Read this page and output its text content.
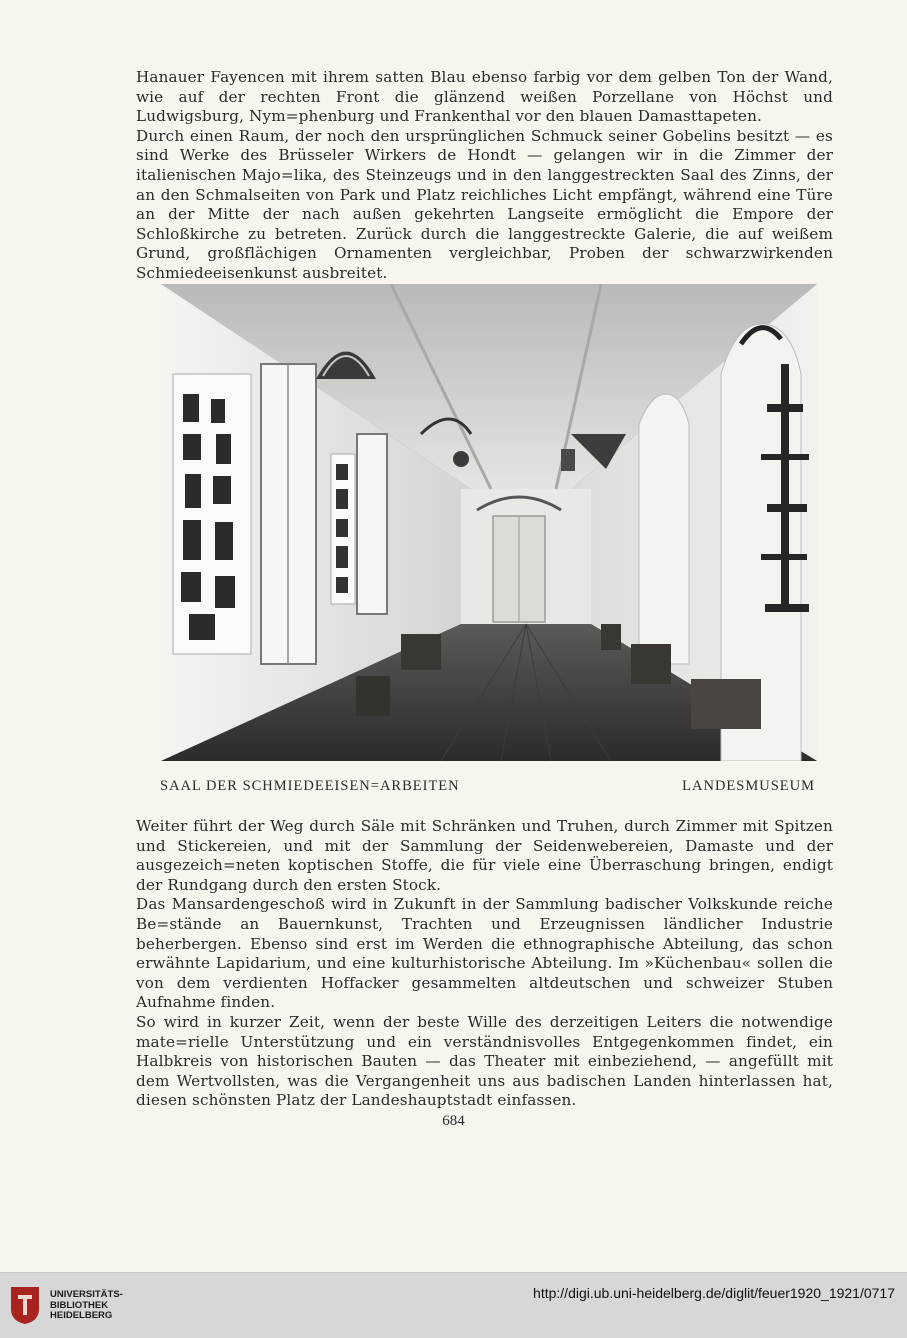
Hanauer Fayencen mit ihrem satten Blau ebenso farbig vor dem gelben Ton der Wand, wie auf der rechten Front die glänzend weißen Porzellane von Höchst und Ludwigsburg, Nym=phenburg und Frankenthal vor den blauen Damasttapeten.

Durch einen Raum, der noch den ursprünglichen Schmuck seiner Gobelins besitzt — es sind Werke des Brüsseler Wirkers de Hondt — gelangen wir in die Zimmer der italienischen Majo=lika, des Steinzeugs und in den langgestreckten Saal des Zinns, der an den Schmalseiten von Park und Platz reichliches Licht empfängt, während eine Türe an der Mitte der nach außen gekehrten Langseite ermöglicht die Empore der Schloßkirche zu betreten. Zurück durch die langgestreckte Galerie, die auf weißem Grund, großflächigen Ornamenten vergleichbar, Proben der schwarzwirkenden Schmiedeeisenkunst ausbreitet.

SAAL DER SCHMIEDEEISEN=ARBEITEN	LANDESMUSEUM

Weiter führt der Weg durch Säle mit Schränken und Truhen, durch Zimmer mit Spitzen und Stickereien, und mit der Sammlung der Seidenwebereien, Damaste und der ausgezeich=neten koptischen Stoffe, die für viele eine Überraschung bringen, endigt der Rundgang durch den ersten Stock.

Das Mansardengeschoß wird in Zukunft in der Sammlung badischer Volkskunde reiche Be=stände an Bauernkunst, Trachten und Erzeugnissen ländlicher Industrie beherbergen. Ebenso sind erst im Werden die ethnographische Abteilung, das schon erwähnte Lapidarium, und eine kulturhistorische Abteilung. Im »Küchenbau« sollen die von dem verdienten Hoffacker gesammelten altdeutschen und schweizer Stuben Aufnahme finden.

So wird in kurzer Zeit, wenn der beste Wille des derzeitigen Leiters die notwendige mate=rielle Unterstützung und ein verständnisvolles Entgegenkommen findet, ein Halbkreis von historischen Bauten — das Theater mit einbeziehend, — angefüllt mit dem Wertvollsten, was die Vergangenheit uns aus badischen Landen hinterlassen hat, diesen schönsten Platz der Landeshauptstadt einfassen.

684
UNIVERSITÄTS-
BIBLIOTHEK
HEIDELBERG
http://digi.ub.uni-heidelberg.de/diglit/feuer1920_1921/0717
